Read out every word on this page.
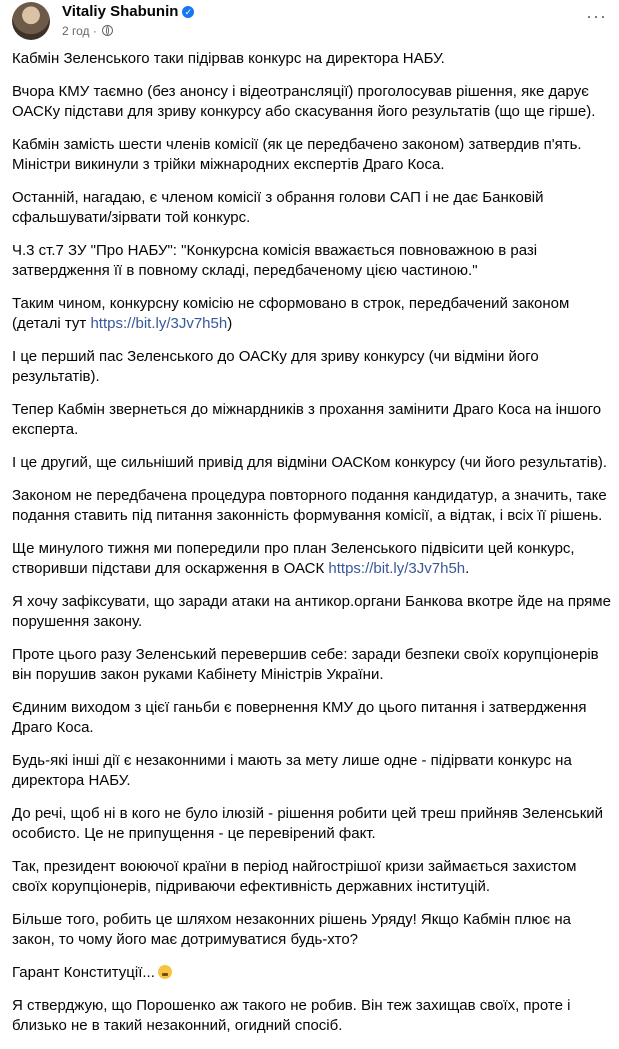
Vitaliy Shabunin ✓
2 год ·
···

Кабмін Зеленського таки підірвав конкурс на директора НАБУ.

Вчора КМУ таємно (без анонсу і відеотрансляції) проголосував рішення, яке дарує ОАСКу підстави для зриву конкурсу або скасування його результатів (що ще гірше).

Кабмін замість шести членів комісії (як це передбачено законом) затвердив п'ять. Міністри викинули з трійки міжнародних експертів Драго Коса.

Останній, нагадаю, є членом комісії з обрання голови САП і не дає Банковій сфальшувати/зірвати той конкурс.

Ч.3 ст.7 ЗУ "Про НАБУ": "Конкурсна комісія вважається повноважною в разі затвердження її в повному складі, передбаченому цією частиною."

Таким чином, конкурсну комісію не сформовано в строк, передбачений законом (деталі тут https://bit.ly/3Jv7h5h)

І це перший пас Зеленського до ОАСКу для зриву конкурсу (чи відміни його результатів).

Тепер Кабмін звернеться до міжнардників з прохання замінити Драго Коса на іншого експерта.

І це другий, ще сильніший привід для відміни ОАСКом конкурсу (чи його результатів).

Законом не передбачена процедура повторного подання кандидатур, а значить, таке подання ставить під питання законність формування комісії, а відтак, і всіх її рішень.

Ще минулого тижня ми попередили про план Зеленського підвісити цей конкурс, створивши підстави для оскарження в ОАСК https://bit.ly/3Jv7h5h.

Я хочу зафіксувати, що заради атаки на антикор.органи Банкова вкотре йде на пряме порушення закону.

Проте цього разу Зеленський перевершив себе: заради безпеки своїх корупціонерів він порушив закон руками Кабінету Міністрів України.

Єдиним виходом з цієї ганьби є повернення КМУ до цього питання і затвердження Драго Коса.

Будь-які інші дії є незаконними і мають за мету лише одне - підірвати конкурс на директора НАБУ.

До речі, щоб ні в кого не було ілюзій - рішення робити цей треш прийняв Зеленський особисто. Це не припущення - це перевірений факт.

Так, президент воюючої країни в період найгострішої кризи займається захистом своїх корупціонерів, підриваючи ефективність державних інституцій.

Більше того, робить це шляхом незаконних рішень Уряду! Якщо Кабмін плює на закон, то чому його має дотримуватися будь-хто?

Гарант Конституції...

Я стверджую, що Порошенко аж такого не робив. Він теж захищав своїх, проте і близько не в такий незаконний, огидний спосіб.
